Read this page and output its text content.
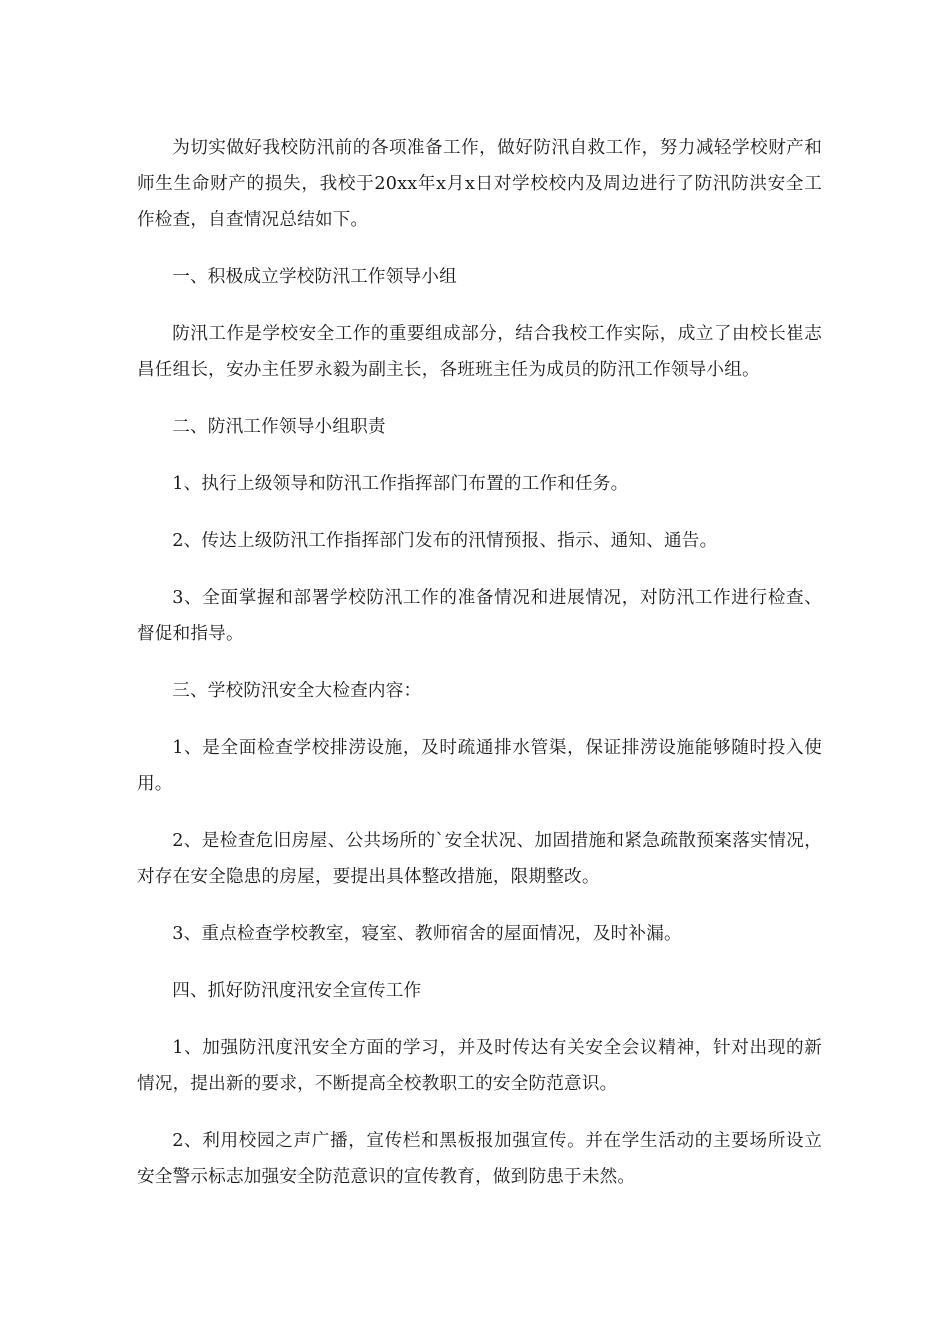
为切实做好我校防汛前的各项准备工作，做好防汛自救工作，努力减轻学校财产和师生生命财产的损失，我校于20xx年x月x日对学校校内及周边进行了防汛防洪安全工作检查，自查情况总结如下。

一、积极成立学校防汛工作领导小组

防汛工作是学校安全工作的重要组成部分，结合我校工作实际，成立了由校长崔志昌任组长，安办主任罗永毅为副主长，各班班主任为成员的防汛工作领导小组。

二、防汛工作领导小组职责

1、执行上级领导和防汛工作指挥部门布置的工作和任务。

2、传达上级防汛工作指挥部门发布的汛情预报、指示、通知、通告。

3、全面掌握和部署学校防汛工作的准备情况和进展情况，对防汛工作进行检查、督促和指导。

三、学校防汛安全大检查内容：

1、是全面检查学校排涝设施，及时疏通排水管渠，保证排涝设施能够随时投入使用。

2、是检查危旧房屋、公共场所的`安全状况、加固措施和紧急疏散预案落实情况，对存在安全隐患的房屋，要提出具体整改措施，限期整改。

3、重点检查学校教室，寝室、教师宿舍的屋面情况，及时补漏。

四、抓好防汛度汛安全宣传工作

1、加强防汛度汛安全方面的学习，并及时传达有关安全会议精神，针对出现的新情况，提出新的要求，不断提高全校教职工的安全防范意识。

2、利用校园之声广播，宣传栏和黑板报加强宣传。并在学生活动的主要场所设立安全警示标志加强安全防范意识的宣传教育，做到防患于未然。
